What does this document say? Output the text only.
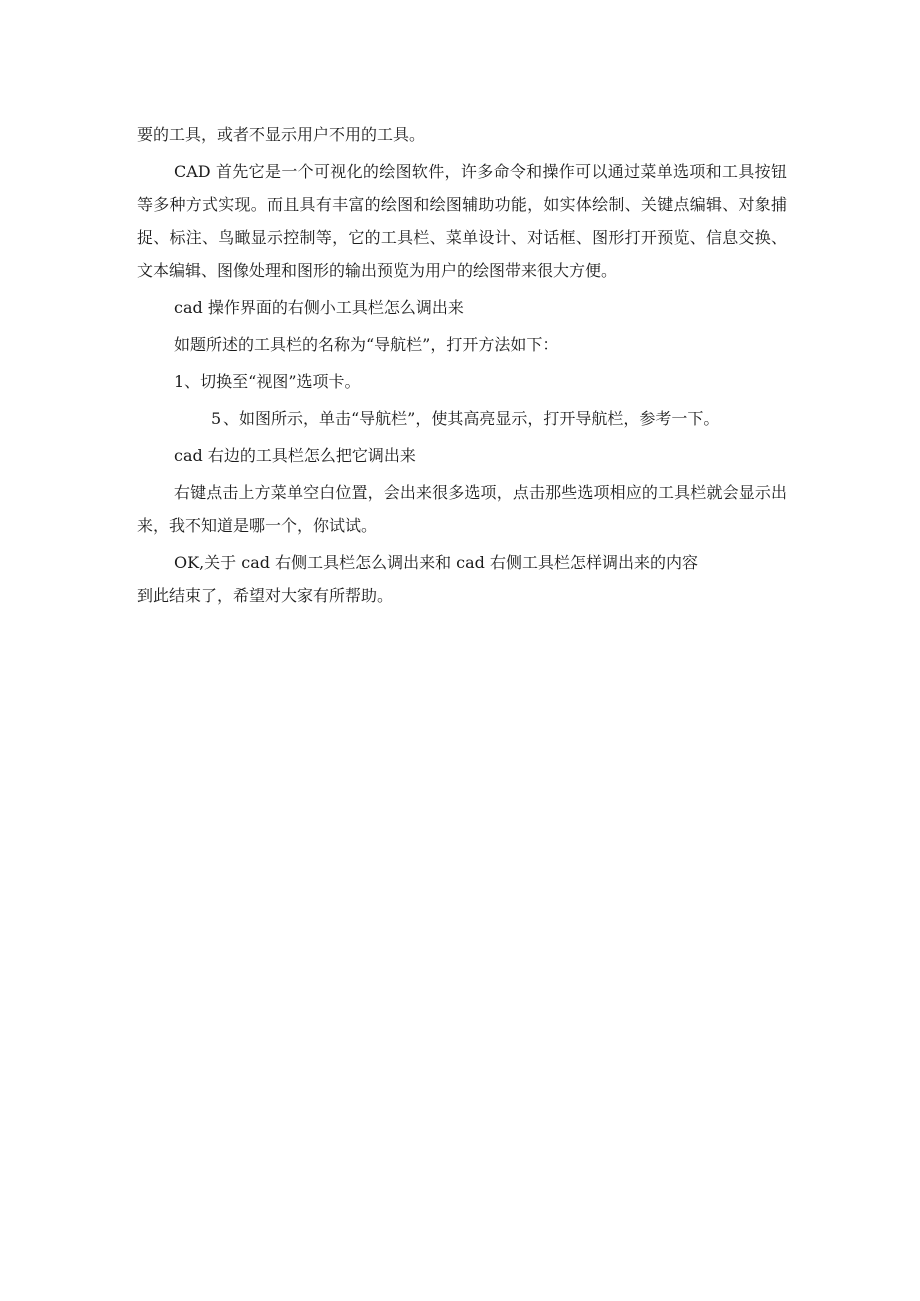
要的工具，或者不显示用户不用的工具。

CAD 首先它是一个可视化的绘图软件，许多命令和操作可以通过菜单选项和工具按钮等多种方式实现。而且具有丰富的绘图和绘图辅助功能，如实体绘制、关键点编辑、对象捕捉、标注、鸟瞰显示控制等，它的工具栏、菜单设计、对话框、图形打开预览、信息交换、文本编辑、图像处理和图形的输出预览为用户的绘图带来很大方便。

cad 操作界面的右侧小工具栏怎么调出来

如题所述的工具栏的名称为“导航栏”，打开方法如下：

1、切换至“视图”选项卡。

5 、如图所示，单击“导航栏”，使其高亮显示，打开导航栏，参考一下。

cad 右边的工具栏怎么把它调出来

右键点击上方菜单空白位置，会出来很多选项，点击那些选项相应的工具栏就会显示出来，我不知道是哪一个，你试试。

OK,关于 cad 右侧工具栏怎么调出来和 cad 右侧工具栏怎样调出来的内容

到此结束了，希望对大家有所帮助。
